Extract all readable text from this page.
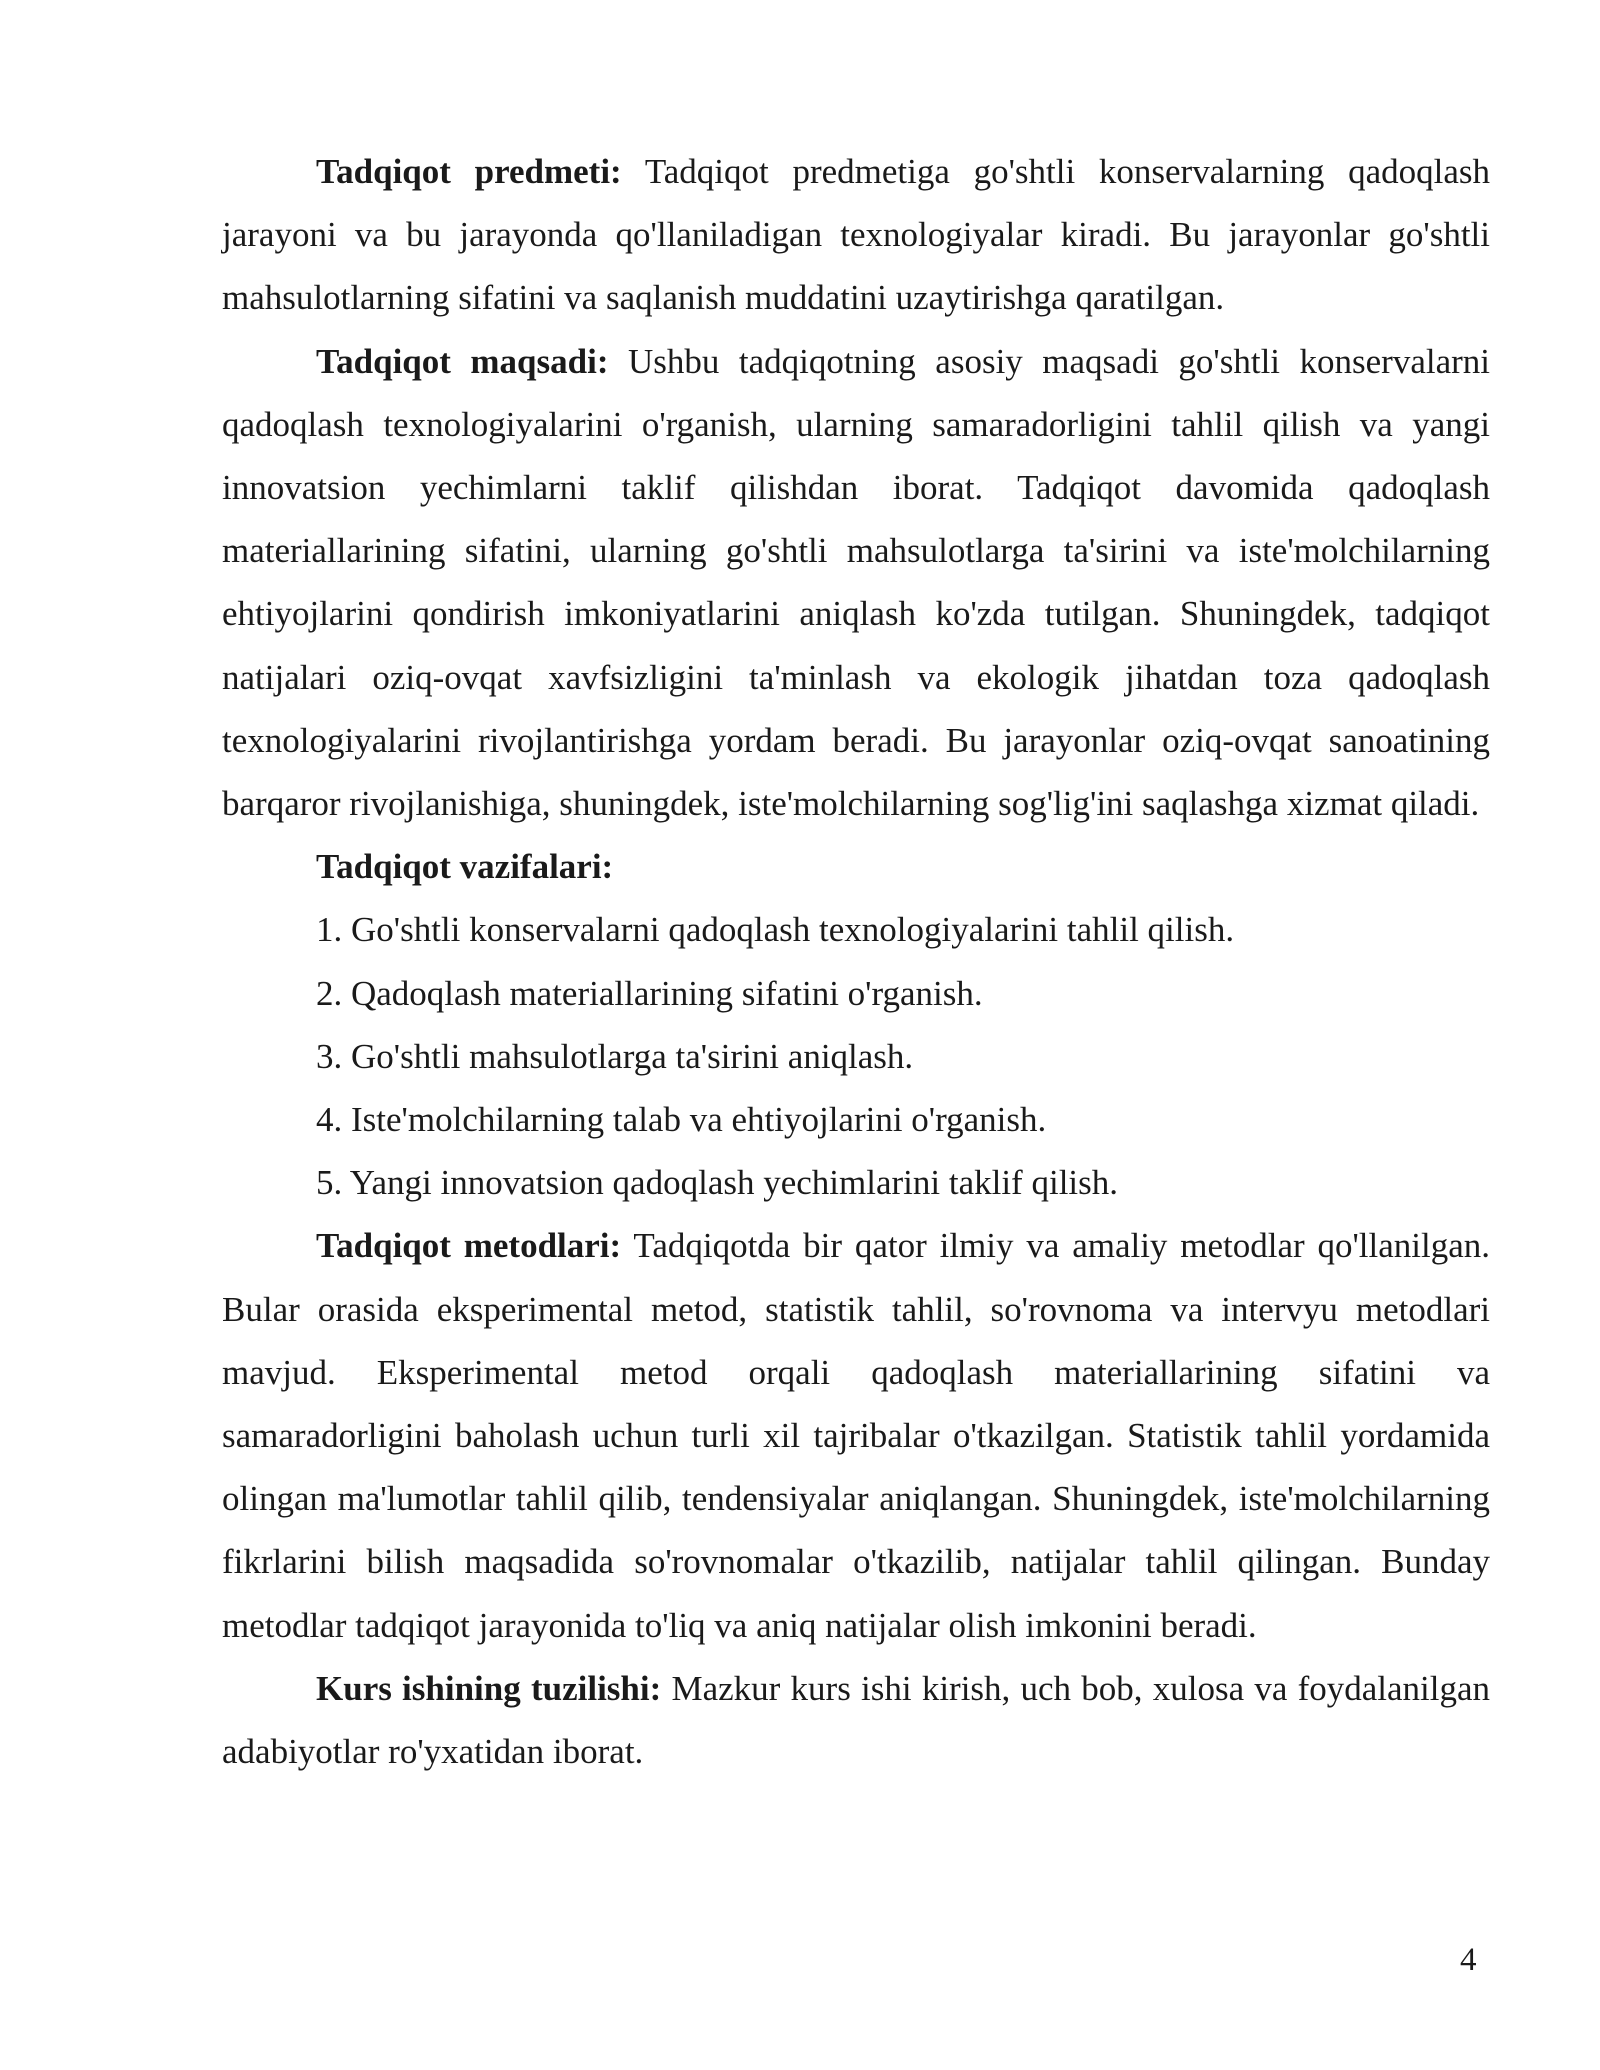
Tadqiqot predmeti: Tadqiqot predmetiga go'shtli konservalarning qadoqlash jarayoni va bu jarayonda qo'llaniladigan texnologiyalar kiradi. Bu jarayonlar go'shtli mahsulotlarning sifatini va saqlanish muddatini uzaytirishga qaratilgan.

Tadqiqot maqsadi: Ushbu tadqiqotning asosiy maqsadi go'shtli konservalarni qadoqlash texnologiyalarini o'rganish, ularning samaradorligini tahlil qilish va yangi innovatsion yechimlarni taklif qilishdan iborat. Tadqiqot davomida qadoqlash materiallarining sifatini, ularning go'shtli mahsulotlarga ta'sirini va iste'molchilarning ehtiyojlarini qondirish imkoniyatlarini aniqlash ko'zda tutilgan. Shuningdek, tadqiqot natijalari oziq-ovqat xavfsizligini ta'minlash va ekologik jihatdan toza qadoqlash texnologiyalarini rivojlantirishga yordam beradi. Bu jarayonlar oziq-ovqat sanoatining barqaror rivojlanishiga, shuningdek, iste'molchilarning sog'lig'ini saqlashga xizmat qiladi.

Tadqiqot vazifalari:

1. Go'shtli konservalarni qadoqlash texnologiyalarini tahlil qilish.

2. Qadoqlash materiallarining sifatini o'rganish.

3. Go'shtli mahsulotlarga ta'sirini aniqlash.

4. Iste'molchilarning talab va ehtiyojlarini o'rganish.

5. Yangi innovatsion qadoqlash yechimlarini taklif qilish.

Tadqiqot metodlari: Tadqiqotda bir qator ilmiy va amaliy metodlar qo'llanilgan. Bular orasida eksperimental metod, statistik tahlil, so'rovnoma va intervyu metodlari mavjud. Eksperimental metod orqali qadoqlash materiallarining sifatini va samaradorligini baholash uchun turli xil tajribalar o'tkazilgan. Statistik tahlil yordamida olingan ma'lumotlar tahlil qilib, tendensiyalar aniqlangan. Shuningdek, iste'molchilarning fikrlarini bilish maqsadida so'rovnomalar o'tkazilib, natijalar tahlil qilingan. Bunday metodlar tadqiqot jarayonida to'liq va aniq natijalar olish imkonini beradi.

Kurs ishining tuzilishi: Mazkur kurs ishi kirish, uch bob, xulosa va foydalanilgan adabiyotlar ro'yxatidan iborat.

4
